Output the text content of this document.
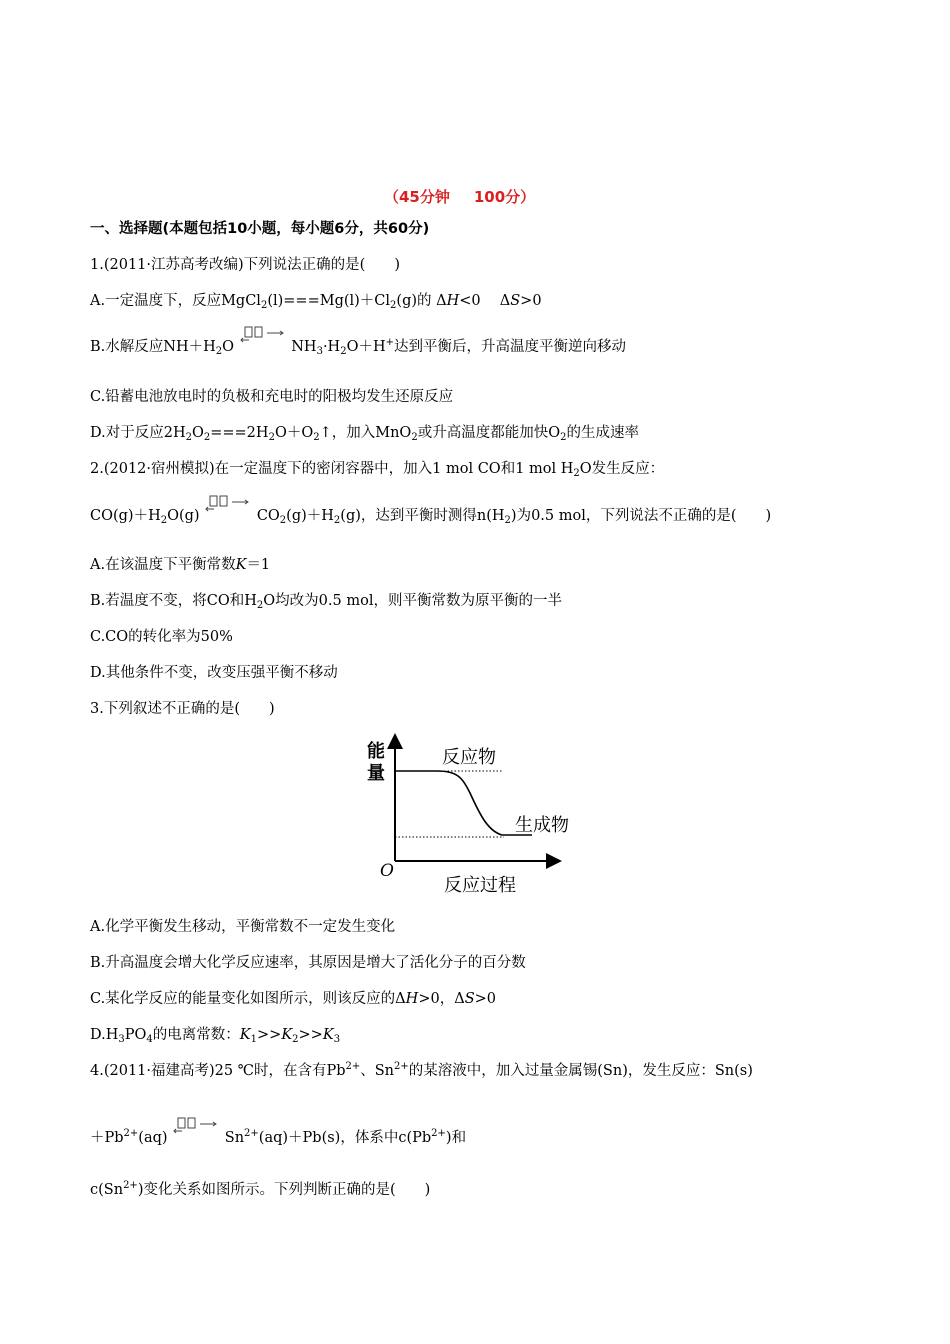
（45分钟 100分）
一、选择题(本题包括10小题，每小题6分，共60分)
1.(2011·江苏高考改编)下列说法正确的是(　　)
A.一定温度下，反应$MgCl_2(l)===Mg(l)+Cl_2(g)$的 ΔH<0　 ΔS>0
B.水解反应$NH+H_2O$	$NH_3\cdot H_2O+H^+$达到平衡后，升高温度平衡逆向移动
C.铅蓄电池放电时的负极和充电时的阳极均发生还原反应
D.对于反应$2H_2O_2===2H_2O+O_2↑$，加入MnO$_2$或升高温度都能加快$O_2$的生成速率
2.(2012·宿州模拟)在一定温度下的密闭容器中，加入1 mol CO和1 mol $H_2O$发生反应：
$CO(g)+H_2O(g)$	$CO_2(g)+H_2(g)$，达到平衡时测得$n(H_2)$为0.5 mol，下列说法不正确的是(　　)
A.在该温度下平衡常数K＝1
B.若温度不变，将CO和$H_2O$均改为0.5 mol，则平衡常数为原平衡的一半
C.CO的转化率为50%
D.其他条件不变，改变压强平衡不移动
3.下列叙述不正确的是(　　)
能
量
反应物
生成物
O
反应过程
A.化学平衡发生移动，平衡常数不一定发生变化
B.升高温度会增大化学反应速率，其原因是增大了活化分子的百分数
C.某化学反应的能量变化如图所示，则该反应的ΔH>0，ΔS>0
$D.H_3PO_4$的电离常数：$K_1>>K_2>>K_3$
4.(2011·福建高考)25 ℃时，在含有$Pb^{2+}$、$Sn^{2+}$的某溶液中，加入过量金属锡(Sn)，发生反应：Sn(s)
$+Pb^{2+}(aq)$	$Sn^{2+}(aq)+Pb(s)$，体系中$c(Pb^{2+})$和
$c(Sn^{2+})$变化关系如图所示。下列判断正确的是(　　)
